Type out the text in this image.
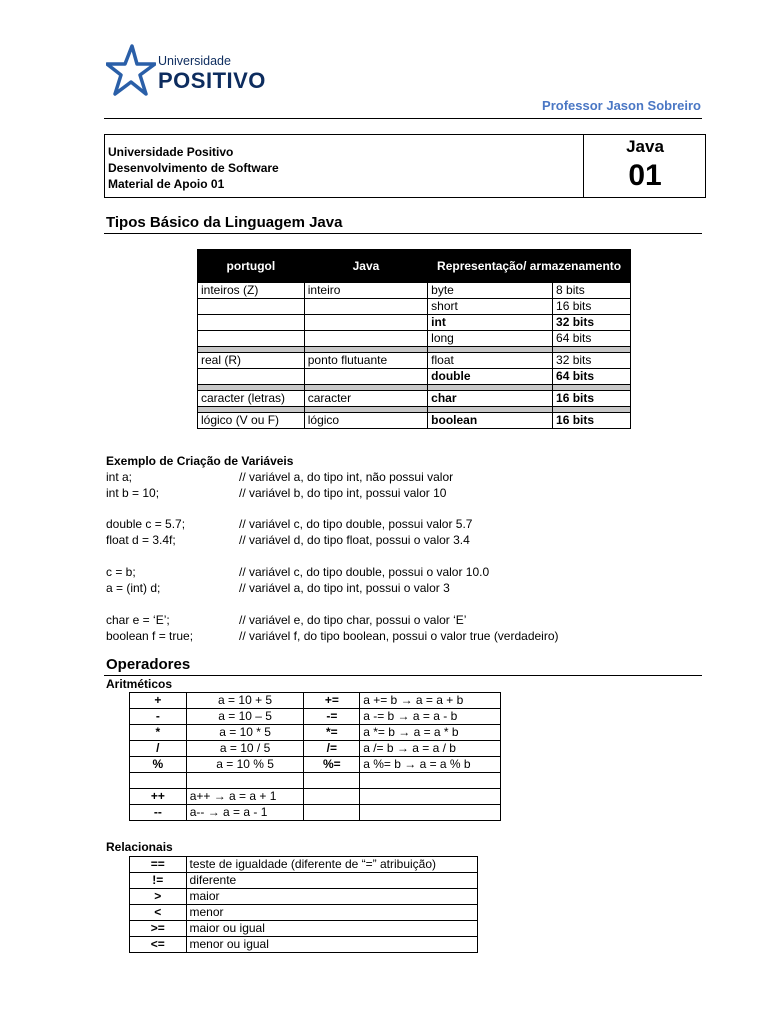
Universidade
POSITIVO
Professor Jason Sobreiro
Universidade Positivo
Desenvolvimento de Software
Material de Apoio 01
Java
01
Tipos Básico da Linguagem Java
portugol	Java	Representação/ armazenamento	
inteiros (Z)	inteiro	byte	8 bits
		short	16 bits
		int	32 bits
		long	64 bits

real (R)	ponto flutuante	float	32 bits
		double	64 bits

caracter (letras)	caracter	char	16 bits

lógico (V ou F)	lógico	boolean	16 bits
Exemplo de Criação de Variáveis
int a;	// variável a, do tipo int, não possui valor
int b = 10;	// variável b, do tipo int, possui valor 10
double c = 5.7;	// variável c, do tipo double, possui valor 5.7
float d = 3.4f;	// variável d, do tipo float, possui o valor 3.4
c = b;	// variável c, do tipo double, possui o valor 10.0
a = (int) d;	// variável a, do tipo int, possui o valor 3
char e = ‘E’;	// variável e, do tipo char, possui o valor ‘E’
boolean f = true;	// variável f, do tipo boolean, possui o valor true (verdadeiro)
Operadores
Aritméticos
+	a = 10 + 5	+=	a += b → a = a + b
-	a = 10 – 5	-=	a -= b → a = a - b
*	a = 10 * 5	*=	a *= b → a = a * b
/	a = 10 / 5	/=	a /= b → a = a / b
%	a = 10 % 5	%=	a %= b → a = a % b

++	a++ → a = a + 1		
--	a-- → a = a - 1		
Relacionais
==	teste de igualdade (diferente de “=” atribuição)
!=	diferente
>	maior
<	menor
>=	maior ou igual
<=	menor ou igual
